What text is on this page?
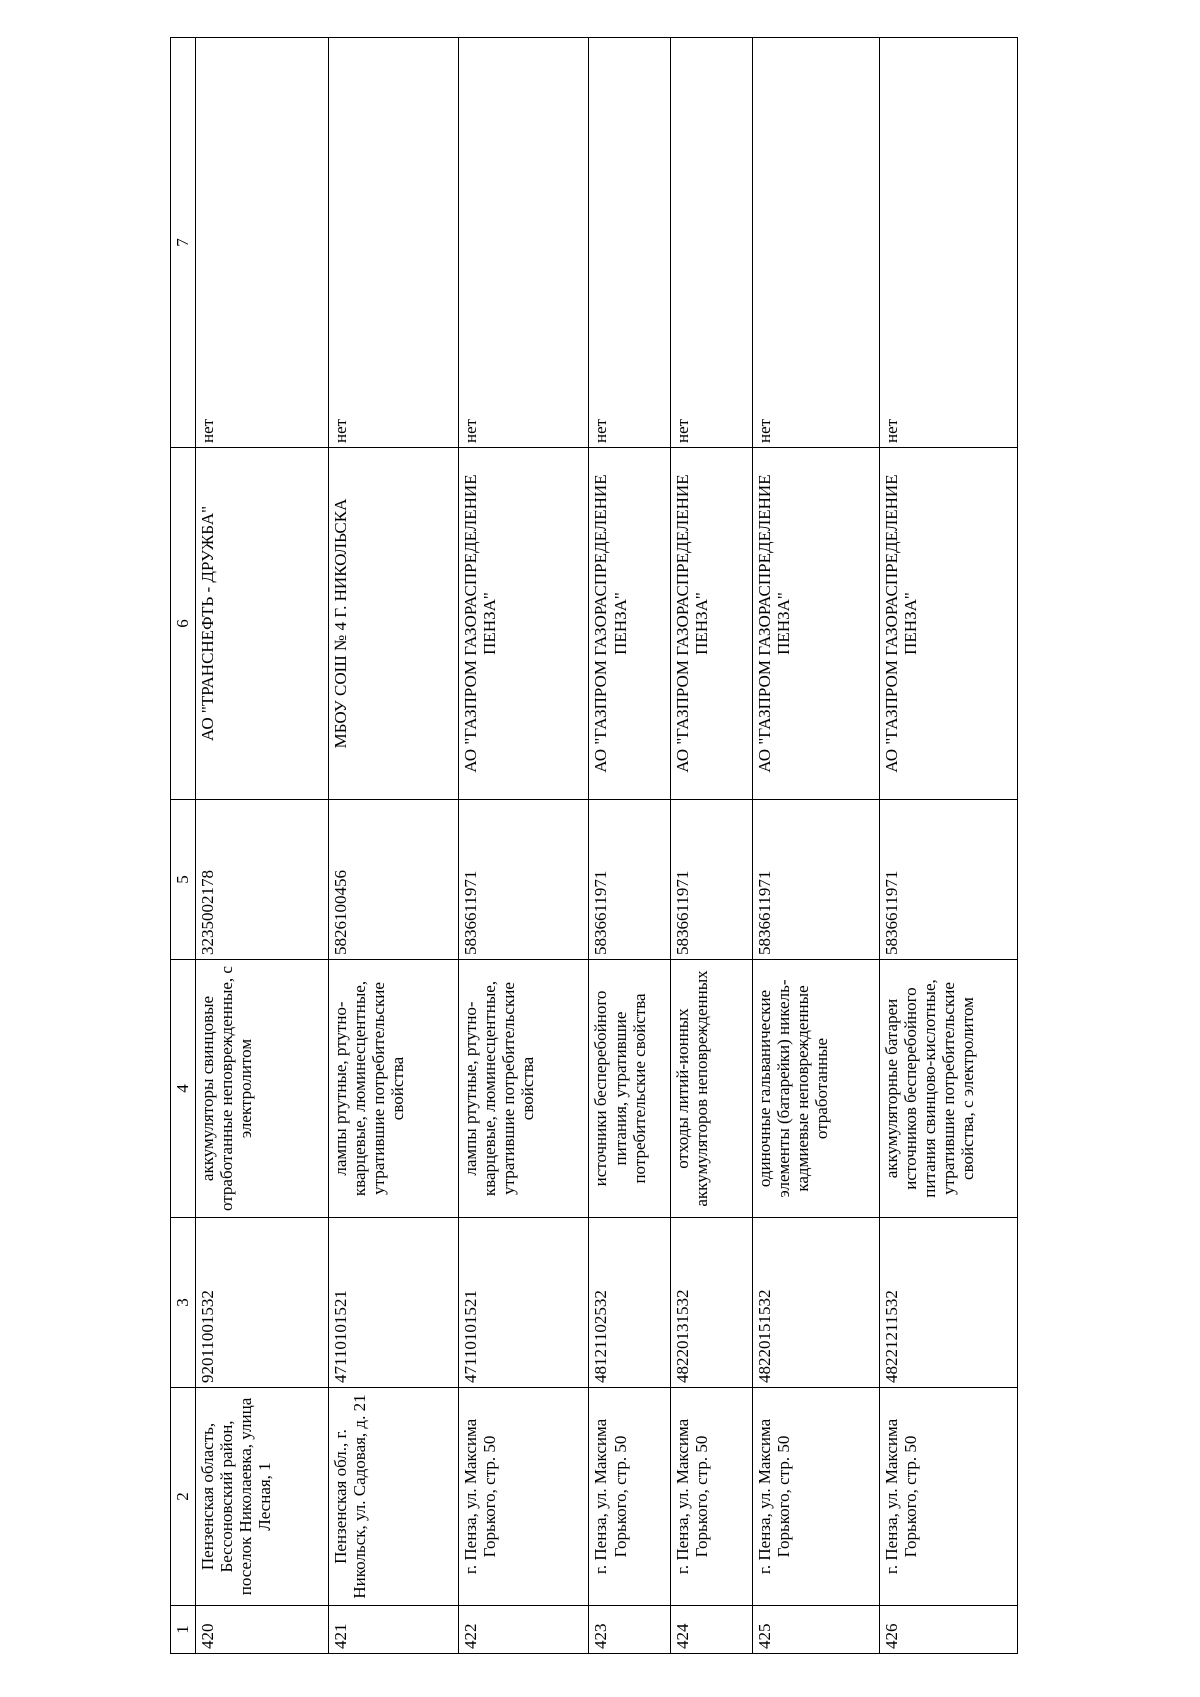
1	2	3	4	5	6	7
420	Пензенская область, Бессоновский район, поселок Николаевка, улица Лесная, 1	92011001532	аккумуляторы свинцовые отработанные неповрежденные, с электролитом	3235002178	АО "ТРАНСНЕФТЬ - ДРУЖБА"	нет
421	Пензенская обл., г. Никольск, ул. Садовая, д. 21	47110101521	лампы ртутные, ртутно-кварцевые, люминесцентные, утратившие потребительские свойства	5826100456	МБОУ СОШ № 4 Г. НИКОЛЬСКА	нет
422	г. Пенза, ул. Максима Горького, стр. 50	47110101521	лампы ртутные, ртутно-кварцевые, люминесцентные, утратившие потребительские свойства	5836611971	АО "ГАЗПРОМ ГАЗОРАСПРЕДЕЛЕНИЕ ПЕНЗА"	нет
423	г. Пенза, ул. Максима Горького, стр. 50	48121102532	источники бесперебойного питания, утратившие потребительские свойства	5836611971	АО "ГАЗПРОМ ГАЗОРАСПРЕДЕЛЕНИЕ ПЕНЗА"	нет
424	г. Пенза, ул. Максима Горького, стр. 50	48220131532	отходы литий-ионных аккумуляторов неповрежденных	5836611971	АО "ГАЗПРОМ ГАЗОРАСПРЕДЕЛЕНИЕ ПЕНЗА"	нет
425	г. Пенза, ул. Максима Горького, стр. 50	48220151532	одиночные гальванические элементы (батарейки) никель-кадмиевые неповрежденные отработанные	5836611971	АО "ГАЗПРОМ ГАЗОРАСПРЕДЕЛЕНИЕ ПЕНЗА"	нет
426	г. Пенза, ул. Максима Горького, стр. 50	48221211532	аккумуляторные батареи источников бесперебойного питания свинцово-кислотные, утратившие потребительские свойства, с электролитом	5836611971	АО "ГАЗПРОМ ГАЗОРАСПРЕДЕЛЕНИЕ ПЕНЗА"	нет
